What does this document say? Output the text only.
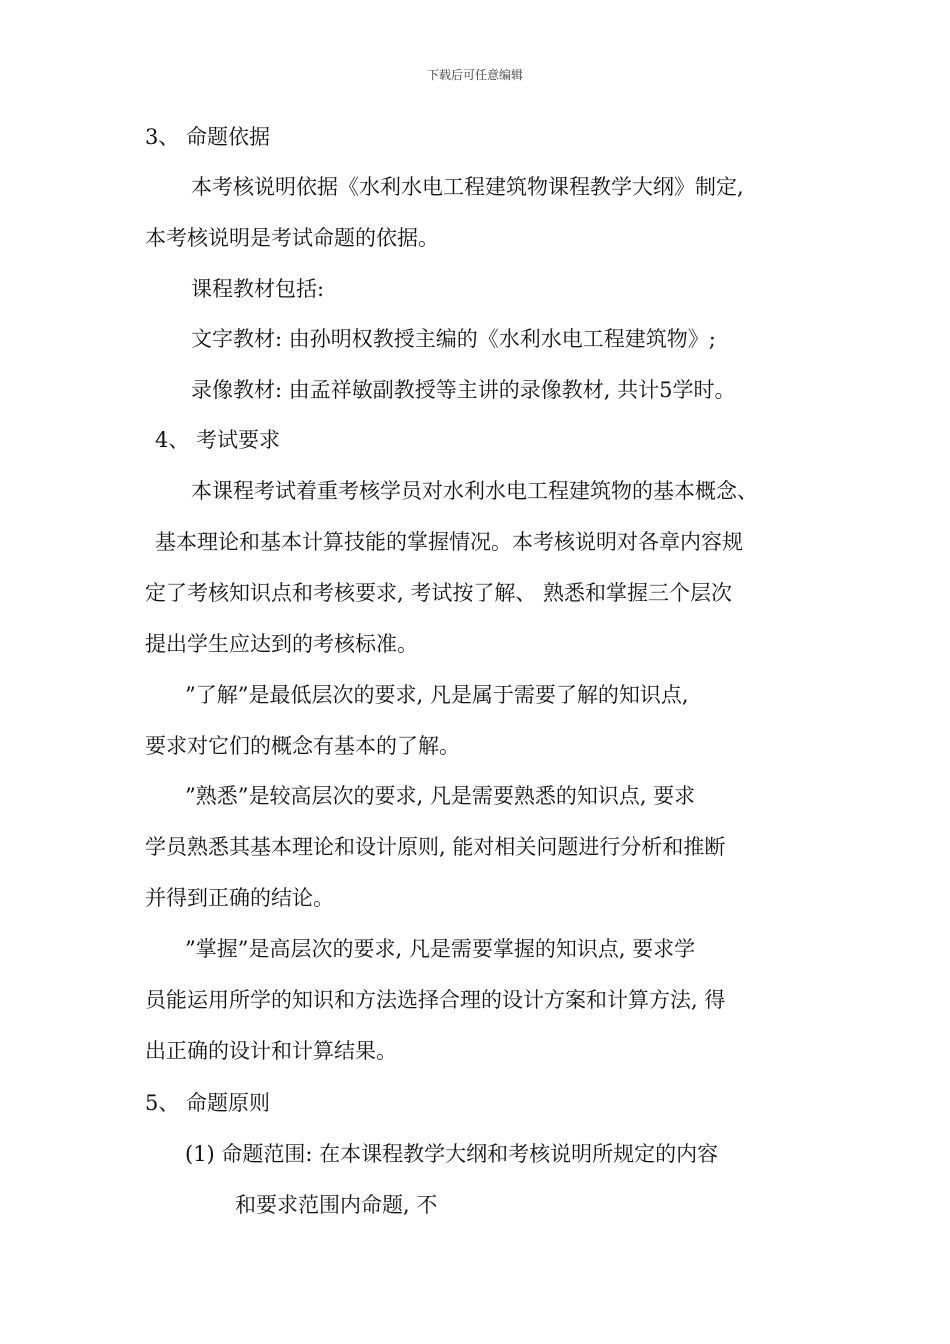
下载后可任意编辑
3、 命题依据
本考核说明依据《水利水电工程建筑物课程教学大纲》制定,
本考核说明是考试命题的依据。
课程教材包括:
文字教材: 由孙明权教授主编的《水利水电工程建筑物》;
录像教材: 由孟祥敏副教授等主讲的录像教材, 共计5学时。
4、 考试要求
本课程考试着重考核学员对水利水电工程建筑物的基本概念、
基本理论和基本计算技能的掌握情况。本考核说明对各章内容规
定了考核知识点和考核要求, 考试按了解、 熟悉和掌握三个层次
提出学生应达到的考核标准。
”了解”是最低层次的要求, 凡是属于需要了解的知识点,
要求对它们的概念有基本的了解。
”熟悉”是较高层次的要求, 凡是需要熟悉的知识点, 要求
学员熟悉其基本理论和设计原则, 能对相关问题进行分析和推断
并得到正确的结论。
”掌握”是高层次的要求, 凡是需要掌握的知识点, 要求学
员能运用所学的知识和方法选择合理的设计方案和计算方法, 得
出正确的设计和计算结果。
5、 命题原则
(1) 命题范围: 在本课程教学大纲和考核说明所规定的内容
和要求范围内命题, 不
